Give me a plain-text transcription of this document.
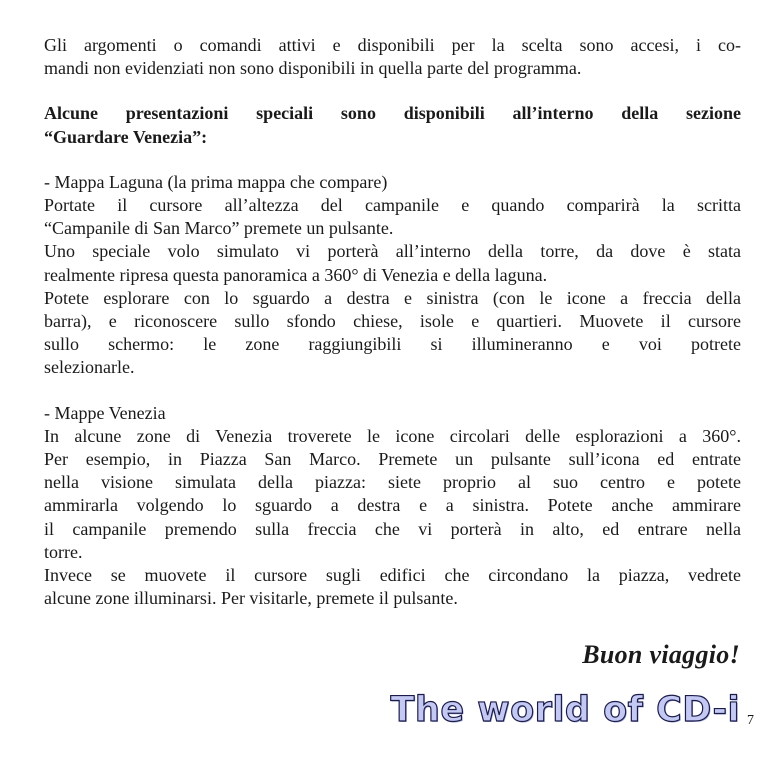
Gli argomenti o comandi attivi e disponibili per la scelta sono accesi, i co-
mandi non evidenziati non sono disponibili in quella parte del programma.

Alcune presentazioni speciali sono disponibili all’interno della sezione
“Guardare Venezia”:

- Mappa Laguna (la prima mappa che compare)
Portate il cursore all’altezza del campanile e quando comparirà la scritta
“Campanile di San Marco” premete un pulsante.
Uno speciale volo simulato vi porterà all’interno della torre, da dove è stata
realmente ripresa questa panoramica a 360° di Venezia e della laguna.
Potete esplorare con lo sguardo a destra e sinistra (con le icone a freccia della
barra), e riconoscere sullo sfondo chiese, isole e quartieri. Muovete il cursore
sullo schermo: le zone raggiungibili si illumineranno e voi potrete
selezionarle.

- Mappe Venezia
In alcune zone di Venezia troverete le icone circolari delle esplorazioni a 360°.
Per esempio, in Piazza San Marco. Premete un pulsante sull’icona ed entrate
nella visione simulata della piazza: siete proprio al suo centro e potete
ammirarla volgendo lo sguardo a destra e a sinistra. Potete anche ammirare
il campanile premendo sulla freccia che vi porterà in alto, ed entrare nella
torre.
Invece se muovete il cursore sugli edifici che circondano la piazza, vedrete
alcune zone illuminarsi. Per visitarle, premete il pulsante.

Buon viaggio!
The world of CD-i 7
